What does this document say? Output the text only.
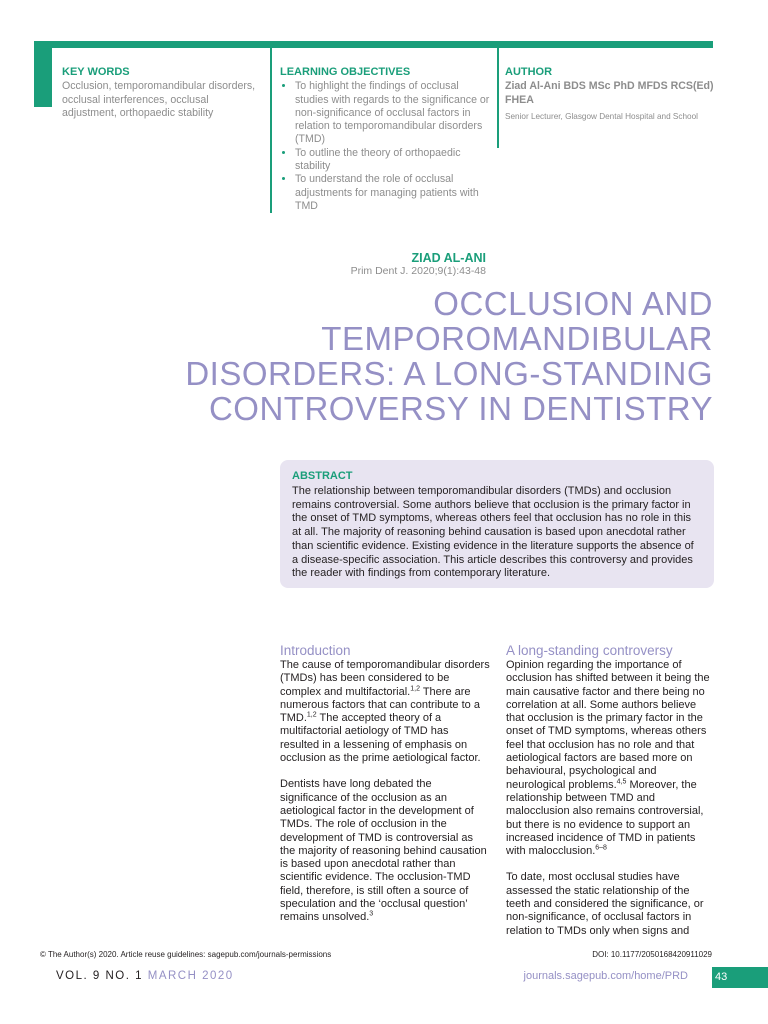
KEY WORDS
Occlusion, temporomandibular disorders, occlusal interferences, occlusal adjustment, orthopaedic stability
LEARNING OBJECTIVES
• To highlight the findings of occlusal studies with regards to the significance or non-significance of occlusal factors in relation to temporomandibular disorders (TMD)
• To outline the theory of orthopaedic stability
• To understand the role of occlusal adjustments for managing patients with TMD
AUTHOR
Ziad Al-Ani BDS MSc PhD MFDS RCS(Ed) FHEA
Senior Lecturer, Glasgow Dental Hospital and School
ZIAD AL-ANI
Prim Dent J. 2020;9(1):43-48
OCCLUSION AND
TEMPOROMANDIBULAR
DISORDERS: A LONG-STANDING
CONTROVERSY IN DENTISTRY
ABSTRACT
The relationship between temporomandibular disorders (TMDs) and occlusion remains controversial. Some authors believe that occlusion is the primary factor in the onset of TMD symptoms, whereas others feel that occlusion has no role in this at all. The majority of reasoning behind causation is based upon anecdotal rather than scientific evidence. Existing evidence in the literature supports the absence of a disease-specific association. This article describes this controversy and provides the reader with findings from contemporary literature.
Introduction

The cause of temporomandibular disorders (TMDs) has been considered to be complex and multifactorial.$^{1,2}$ There are numerous factors that can contribute to a TMD.$^{1,2}$ The accepted theory of a multifactorial aetiology of TMD has resulted in a lessening of emphasis on occlusion as the prime aetiological factor.

Dentists have long debated the significance of the occlusion as an aetiological factor in the development of TMDs. The role of occlusion in the development of TMD is controversial as the majority of reasoning behind causation is based upon anecdotal rather than scientific evidence. The occlusion-TMD field, therefore, is still often a source of speculation and the ‘occlusal question’ remains unsolved.$^3$

A long-standing controversy

Opinion regarding the importance of occlusion has shifted between it being the main causative factor and there being no correlation at all. Some authors believe that occlusion is the primary factor in the onset of TMD symptoms, whereas others feel that occlusion has no role and that aetiological factors are based more on behavioural, psychological and neurological problems.$^{4,5}$ Moreover, the relationship between TMD and malocclusion also remains controversial, but there is no evidence to support an increased incidence of TMD in patients with malocclusion.$^{6-8}$

To date, most occlusal studies have assessed the static relationship of the teeth and considered the significance, or non-significance, of occlusal factors in relation to TMDs only when signs and

© The Author(s) 2020. Article reuse guidelines: sagepub.com/journals-permissions	DOI: 10.1177/2050168420911029
VOL. 9 NO. 1 MARCH 2020	journals.sagepub.com/home/PRD 43
